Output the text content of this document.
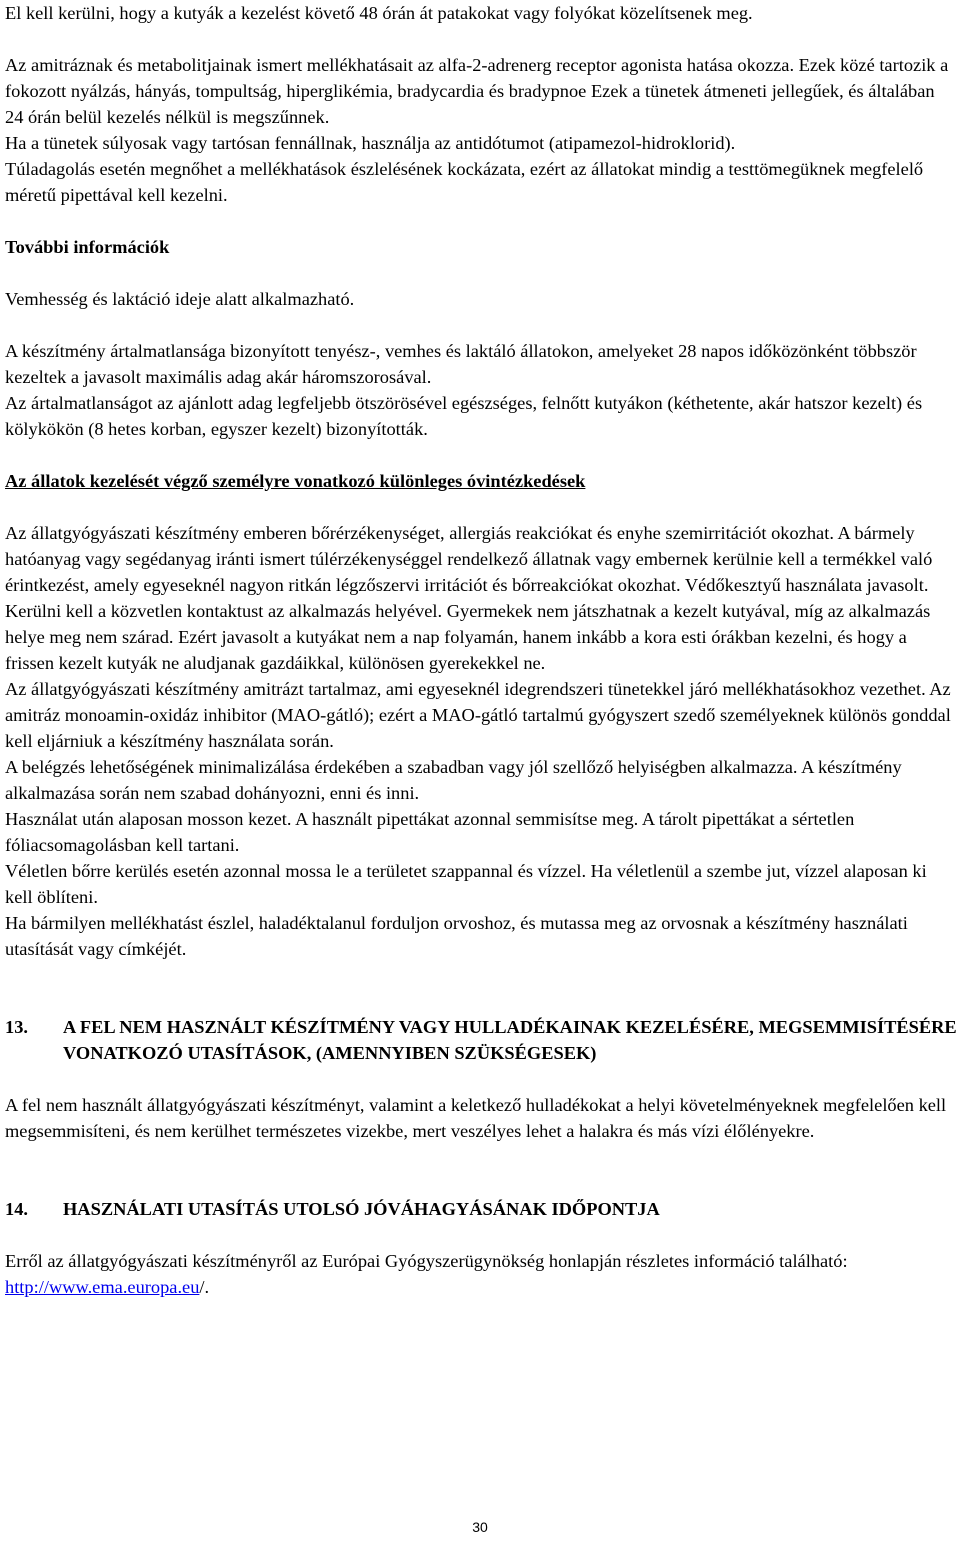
El kell kerülni, hogy a kutyák a kezelést követő 48 órán át patakokat vagy folyókat közelítsenek meg.

Az amitráznak és metabolitjainak ismert mellékhatásait az alfa-2-adrenerg receptor agonista hatása okozza. Ezek közé tartozik a fokozott nyálzás, hányás, tompultság, hiperglikémia, bradycardia és bradypnoe Ezek a tünetek átmeneti jellegűek, és általában 24 órán belül kezelés nélkül is megszűnnek.

Ha a tünetek súlyosak vagy tartósan fennállnak, használja az antidótumot (atipamezol-hidroklorid).

Túladagolás esetén megnőhet a mellékhatások észlelésének kockázata, ezért az állatokat mindig a testtömegüknek megfelelő méretű pipettával kell kezelni.

További információk

Vemhesség és laktáció ideje alatt alkalmazható.

A készítmény ártalmatlansága bizonyított tenyész-, vemhes és laktáló állatokon, amelyeket 28 napos időközönként többször kezeltek a javasolt maximális adag akár háromszorosával.

Az ártalmatlanságot az ajánlott adag legfeljebb ötszörösével egészséges, felnőtt kutyákon (kéthetente, akár hatszor kezelt) és kölykökön (8 hetes korban, egyszer kezelt) bizonyították.

Az állatok kezelését végző személyre vonatkozó különleges óvintézkedések

Az állatgyógyászati készítmény emberen bőrérzékenységet, allergiás reakciókat és enyhe szemirritációt okozhat. A bármely hatóanyag vagy segédanyag iránti ismert túlérzékenységgel rendelkező állatnak vagy embernek kerülnie kell a termékkel való érintkezést, amely egyeseknél nagyon ritkán légzőszervi irritációt és bőrreakciókat okozhat. Védőkesztyű használata javasolt.

Kerülni kell a közvetlen kontaktust az alkalmazás helyével. Gyermekek nem játszhatnak a kezelt kutyával, míg az alkalmazás helye meg nem szárad. Ezért javasolt a kutyákat nem a nap folyamán, hanem inkább a kora esti órákban kezelni, és hogy a frissen kezelt kutyák ne aludjanak gazdáikkal, különösen gyerekekkel ne.

Az állatgyógyászati készítmény amitrázt tartalmaz, ami egyeseknél idegrendszeri tünetekkel járó mellékhatásokhoz vezethet. Az amitráz monoamin-oxidáz inhibitor (MAO-gátló); ezért a MAO-gátló tartalmú gyógyszert szedő személyeknek különös gonddal kell eljárniuk a készítmény használata során.

A belégzés lehetőségének minimalizálása érdekében a szabadban vagy jól szellőző helyiségben alkalmazza. A készítmény alkalmazása során nem szabad dohányozni, enni és inni.

Használat után alaposan mosson kezet. A használt pipettákat azonnal semmisítse meg. A tárolt pipettákat a sértetlen fóliacsomagolásban kell tartani.

Véletlen bőrre kerülés esetén azonnal mossa le a területet szappannal és vízzel. Ha véletlenül a szembe jut, vízzel alaposan ki kell öblíteni.

Ha bármilyen mellékhatást észlel, haladéktalanul forduljon orvoshoz, és mutassa meg az orvosnak a készítmény használati utasítását vagy címkéjét.

13.	A FEL NEM HASZNÁLT KÉSZÍTMÉNY VAGY HULLADÉKAINAK KEZELÉSÉRE, MEGSEMMISÍTÉSÉRE VONATKOZÓ UTASÍTÁSOK, (AMENNYIBEN SZÜKSÉGESEK)

A fel nem használt állatgyógyászati készítményt, valamint a keletkező hulladékokat a helyi követelményeknek megfelelően kell megsemmisíteni, és nem kerülhet természetes vizekbe, mert veszélyes lehet a halakra és más vízi élőlényekre.

14.	HASZNÁLATI UTASÍTÁS UTOLSÓ JÓVÁHAGYÁSÁNAK IDŐPONTJA

Erről az állatgyógyászati készítményről az Európai Gyógyszerügynökség honlapján részletes információ található: http://www.ema.europa.eu/.

30
